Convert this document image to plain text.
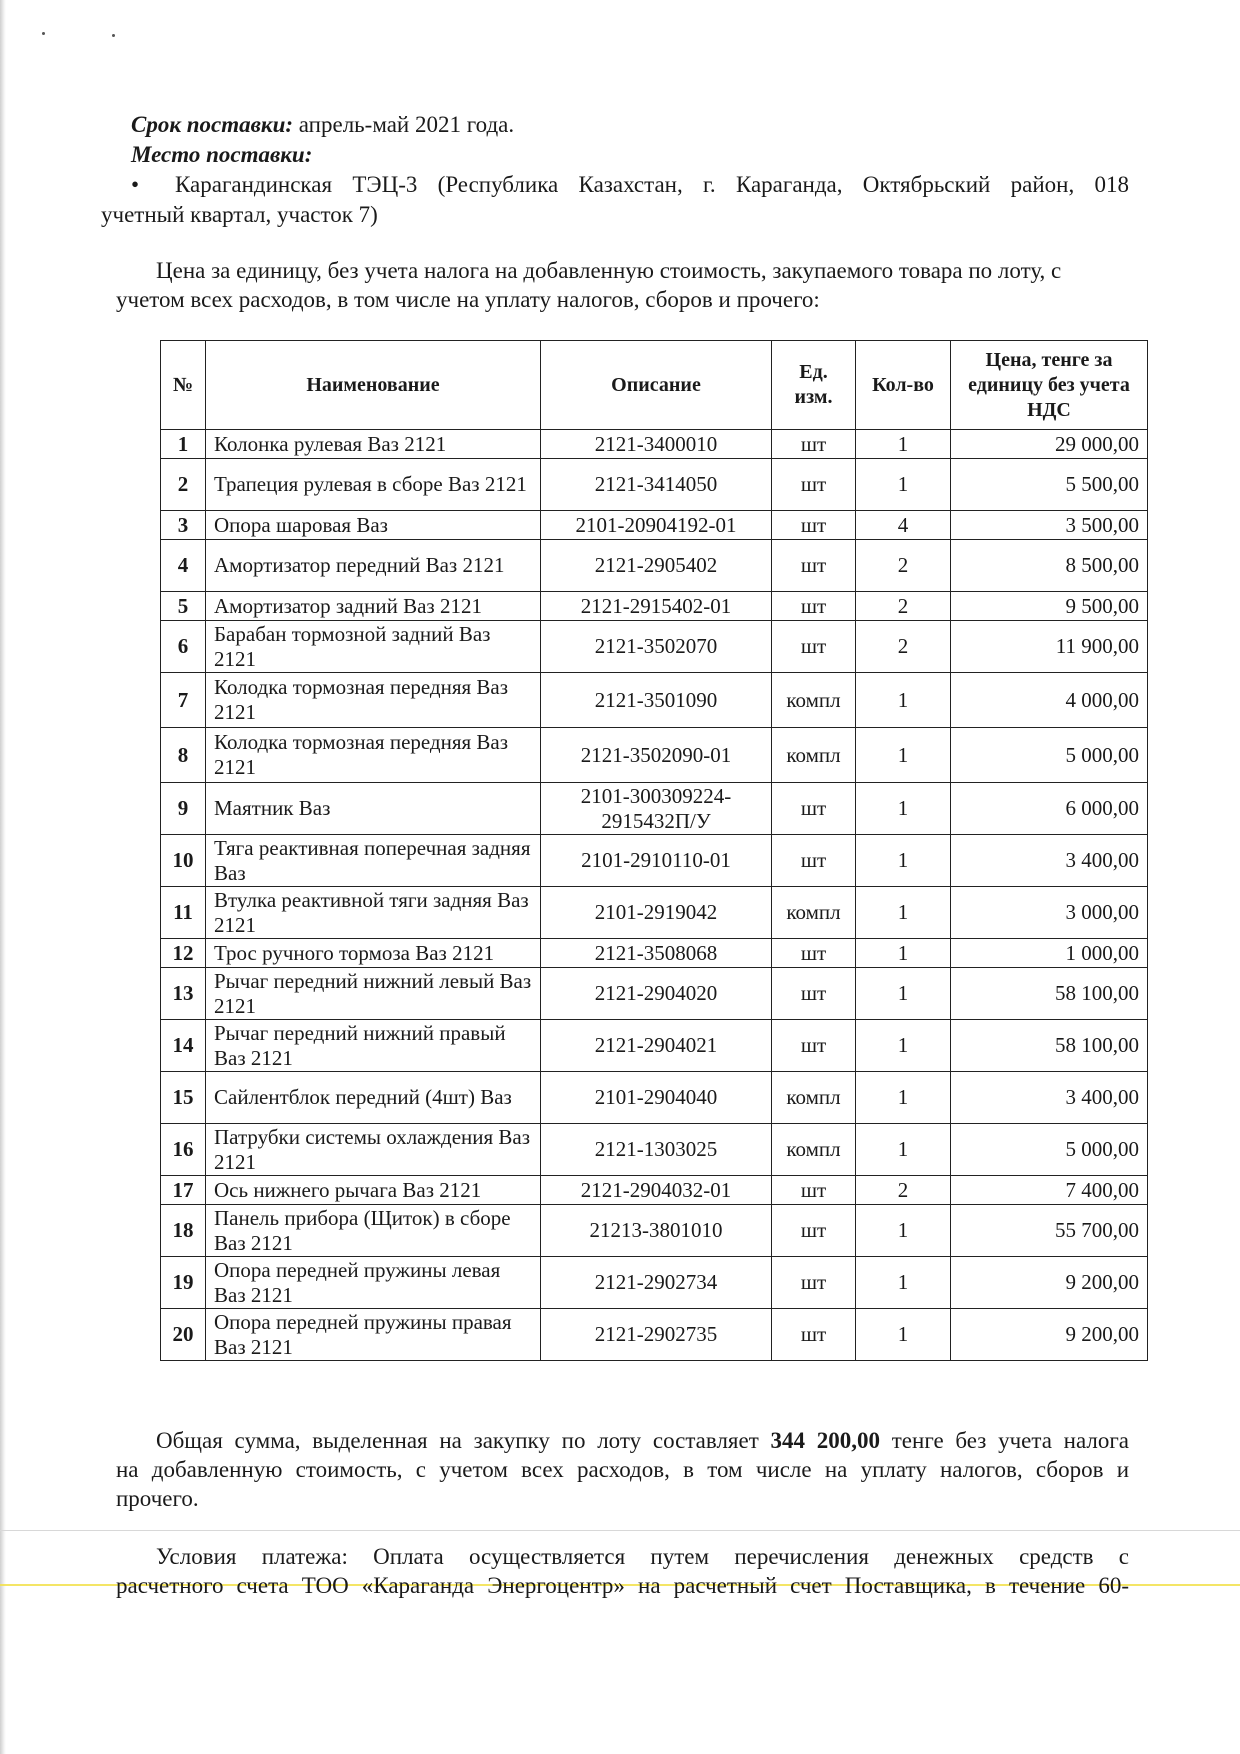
Срок поставки: апрель-май 2021 года.

Место поставки:

• Карагандинская ТЭЦ-3 (Республика Казахстан, г. Караганда, Октябрьский район, 018

учетный квартал, участок 7)

Цена за единицу, без учета налога на добавленную стоимость, закупаемого товара по лоту, с

учетом всех расходов, в том числе на уплату налогов, сборов и прочего:

№	Наименование	Описание	Ед. изм.	Кол-во	Цена, тенге за единицу без учета НДС
1	Колонка рулевая Ваз 2121	2121-3400010	шт	1	29 000,00
2	Трапеция рулевая в сборе Ваз 2121	2121-3414050	шт	1	5 500,00
3	Опора шаровая Ваз	2101-20904192-01	шт	4	3 500,00
4	Амортизатор передний Ваз 2121	2121-2905402	шт	2	8 500,00
5	Амортизатор задний Ваз 2121	2121-2915402-01	шт	2	9 500,00
6	Барабан тормозной задний Ваз 2121	2121-3502070	шт	2	11 900,00
7	Колодка тормозная передняя Ваз 2121	2121-3501090	компл	1	4 000,00
8	Колодка тормозная передняя Ваз 2121	2121-3502090-01	компл	1	5 000,00
9	Маятник Ваз	2101-300309224-2915432П/У	шт	1	6 000,00
10	Тяга реактивная поперечная задняя Ваз	2101-2910110-01	шт	1	3 400,00
11	Втулка реактивной тяги задняя Ваз 2121	2101-2919042	компл	1	3 000,00
12	Трос ручного тормоза Ваз 2121	2121-3508068	шт	1	1 000,00
13	Рычаг передний нижний левый Ваз 2121	2121-2904020	шт	1	58 100,00
14	Рычаг передний нижний правый Ваз 2121	2121-2904021	шт	1	58 100,00
15	Сайлентблок передний (4шт) Ваз	2101-2904040	компл	1	3 400,00
16	Патрубки системы охлаждения Ваз 2121	2121-1303025	компл	1	5 000,00
17	Ось нижнего рычага Ваз 2121	2121-2904032-01	шт	2	7 400,00
18	Панель прибора (Щиток) в сборе Ваз 2121	21213-3801010	шт	1	55 700,00
19	Опора передней пружины левая Ваз 2121	2121-2902734	шт	1	9 200,00
20	Опора передней пружины правая Ваз 2121	2121-2902735	шт	1	9 200,00

Общая сумма, выделенная на закупку по лоту составляет 344 200,00 тенге без учета налога

на добавленную стоимость, с учетом всех расходов, в том числе на уплату налогов, сборов и

прочего.

Условия платежа: Оплата осуществляется путем перечисления денежных средств с

расчетного счета ТОО «Караганда Энергоцентр» на расчетный счет Поставщика, в течение 60-
